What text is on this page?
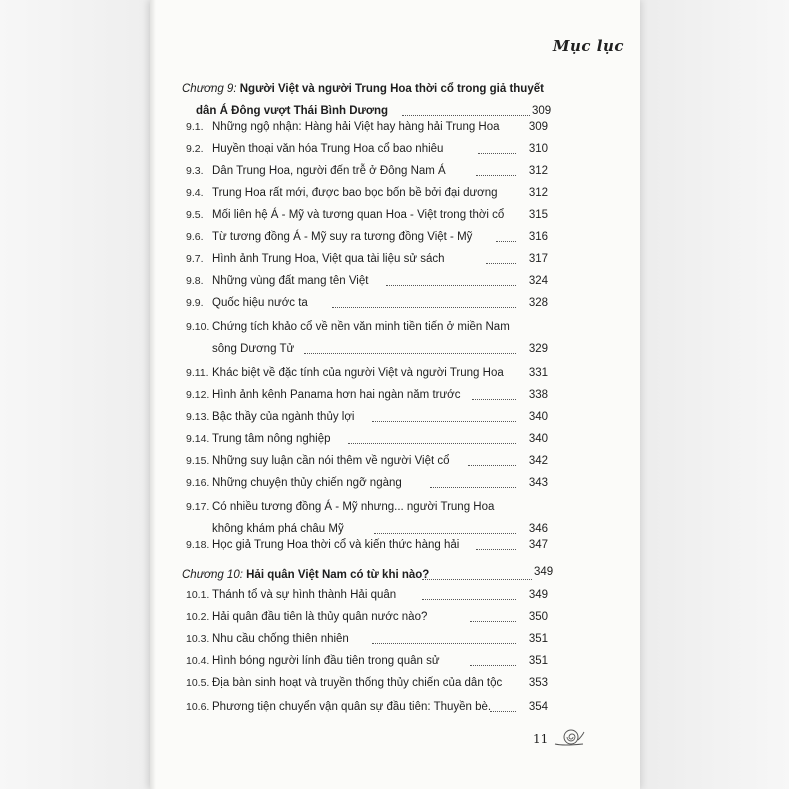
Mục lục
Chương 9: Người Việt và người Trung Hoa thời cổ trong giả thuyết
dân Á Đông vượt Thái Bình Dương	309
9.1. Những ngộ nhận: Hàng hải Việt hay hàng hải Trung Hoa	309
9.2. Huyền thoại văn hóa Trung Hoa cổ bao nhiêu	310
9.3. Dân Trung Hoa, người đến trễ ở Đông Nam Á	312
9.4. Trung Hoa rất mới, được bao bọc bốn bề bởi đại dương	312
9.5. Mối liên hệ Á - Mỹ và tương quan Hoa - Việt trong thời cổ	315
9.6. Từ tương đồng Á - Mỹ suy ra tương đồng Việt - Mỹ	316
9.7. Hình ảnh Trung Hoa, Việt qua tài liệu sử sách	317
9.8. Những vùng đất mang tên Việt	324
9.9. Quốc hiệu nước ta	328
9.10. Chứng tích khảo cổ về nền văn minh tiền tiến ở miền Nam
sông Dương Tử	329
9.11. Khác biệt về đặc tính của người Việt và người Trung Hoa	331
9.12. Hình ảnh kênh Panama hơn hai ngàn năm trước	338
9.13. Bậc thầy của ngành thủy lợi	340
9.14. Trung tâm nông nghiệp	340
9.15. Những suy luận cần nói thêm về người Việt cổ	342
9.16. Những chuyện thủy chiến ngỡ ngàng	343
9.17. Có nhiều tương đồng Á - Mỹ nhưng... người Trung Hoa
không khám phá châu Mỹ	346
9.18. Học giả Trung Hoa thời cổ và kiến thức hàng hải	347
Chương 10: Hải quân Việt Nam có từ khi nào?	349
10.1. Thánh tổ và sự hình thành Hải quân	349
10.2. Hải quân đầu tiên là thủy quân nước nào?	350
10.3. Nhu cầu chống thiên nhiên	351
10.4. Hình bóng người lính đầu tiên trong quân sử	351
10.5. Địa bàn sinh hoạt và truyền thống thủy chiến của dân tộc	353
10.6. Phương tiện chuyển vận quân sự đầu tiên: Thuyền bè.	354
11
